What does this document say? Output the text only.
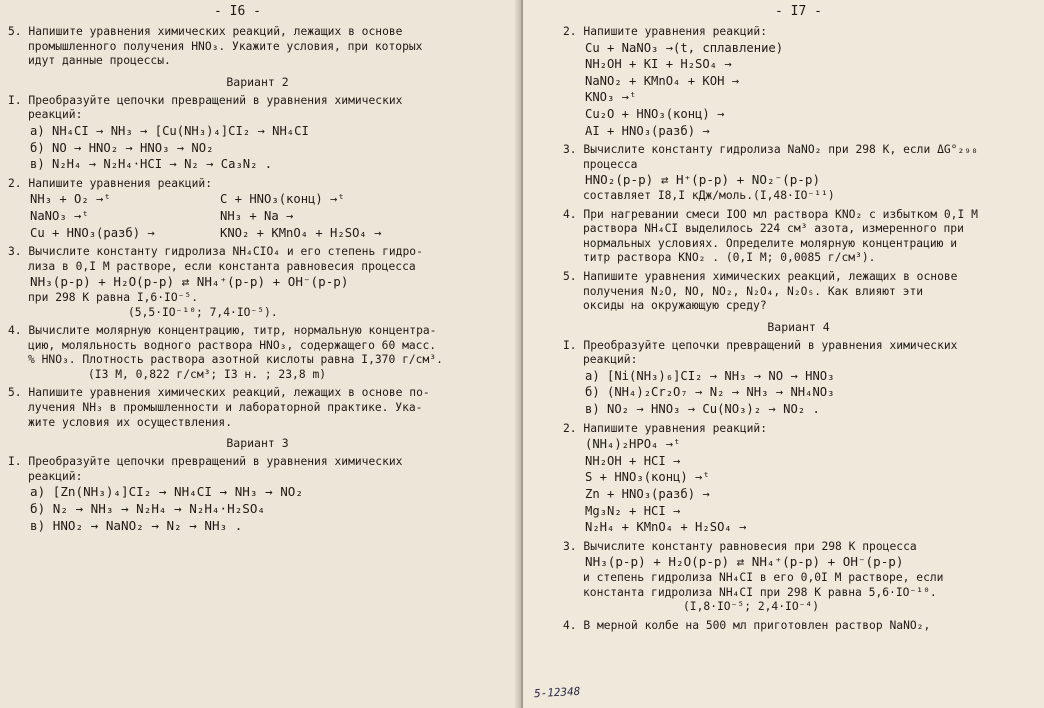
- I6 -
5. Напишите уравнения химических реакций, лежащих в основе
промышленного получения HNO₃. Укажите условия, при которых
идут данные процессы.
Вариант 2
I. Преобразуйте цепочки превращений в уравнения химических
реакций:
а) NH₄CI → NH₃ → [Cu(NH₃)₄]CI₂ → NH₄CI
б) NO → HNO₂ → HNO₃ → NO₂
в) N₂H₄ → N₂H₄·HCI → N₂ → Ca₃N₂ .
2. Напишите уравнения реакций:
NH₃ + O₂ →ᵗ
NaNO₃ →ᵗ
Cu + HNO₃(разб) →
C + HNO₃(конц) →ᵗ
NH₃ + Na →
KNO₂ + KMnO₄ + H₂SO₄ →
3. Вычислите константу гидролиза NH₄CIO₄ и его степень гидро-
лиза в 0,I M растворе, если константа равновесия процесса
NH₃(р-р) + H₂O(р-р) ⇄ NH₄⁺(р-р) + OH⁻(р-р)
при 298 К равна I,6·IO⁻⁵.
(5,5·IO⁻¹⁰; 7,4·IO⁻⁵).
4. Вычислите молярную концентрацию, титр, нормальную концентра-
цию, моляльность водного раствора HNO₃, содержащего 60 масс.
% HNO₃. Плотность раствора азотной кислоты равна I,370 г/см³.
(I3 М, 0,822 г/см³; I3 н. ; 23,8 m)
5. Напишите уравнения химических реакций, лежащих в основе по-
лучения NH₃ в промышленности и лабораторной практике. Ука-
жите условия их осуществления.
Вариант 3
I. Преобразуйте цепочки превращений в уравнения химических
реакций:
а) [Zn(NH₃)₄]CI₂ → NH₄CI → NH₃ → NO₂
б) N₂ → NH₃ → N₂H₄ → N₂H₄·H₂SO₄
в) HNO₂ → NaNO₂ → N₂ → NH₃ .
- I7 -
2. Напишите уравнения реакций:
Cu + NaNO₃ →(t, сплавление)
NH₂OH + KI + H₂SO₄ →
NaNO₂ + KMnO₄ + KOH →
KNO₃ →ᵗ
Cu₂O + HNO₃(конц) →
AI + HNO₃(разб) →
3. Вычислите константу гидролиза NaNO₂ при 298 К, если ΔG°₂₉₈
процесса
HNO₂(р-р) ⇄ H⁺(р-р) + NO₂⁻(р-р)
составляет I8,I кДж/моль.(I,48·IO⁻¹¹)
4. При нагревании смеси IOO мл раствора KNO₂ с избытком 0,I М
раствора NH₄CI выделилось 224 см³ азота, измеренного при
нормальных условиях. Определите молярную концентрацию и
титр раствора KNO₂ . (0,I М; 0,0085 г/см³).
5. Напишите уравнения химических реакций, лежащих в основе
получения N₂O, NO, NO₂, N₂O₄, N₂O₅. Как влияют эти
оксиды на окружающую среду?
Вариант 4
I. Преобразуйте цепочки превращений в уравнения химических
реакций:
а) [Ni(NH₃)₆]CI₂ → NH₃ → NO → HNO₃
б) (NH₄)₂Cr₂O₇ → N₂ → NH₃ → NH₄NO₃
в) NO₂ → HNO₃ → Cu(NO₃)₂ → NO₂ .
2. Напишите уравнения реакций:
(NH₄)₂HPO₄ →ᵗ
NH₂OH + HCI →
S + HNO₃(конц) →ᵗ
Zn + HNO₃(разб) →
Mg₃N₂ + HCI →
N₂H₄ + KMnO₄ + H₂SO₄ →
3. Вычислите константу равновесия при 298 К процесса
NH₃(р-р) + H₂O(р-р) ⇄ NH₄⁺(р-р) + OH⁻(р-р)
и степень гидролиза NH₄CI в его 0,0I М растворе, если
константа гидролиза NH₄CI при 298 К равна 5,6·IO⁻¹⁰.
(I,8·IO⁻⁵; 2,4·IO⁻⁴)
4. В мерной колбе на 500 мл приготовлен раствор NaNO₂,
5-12348
